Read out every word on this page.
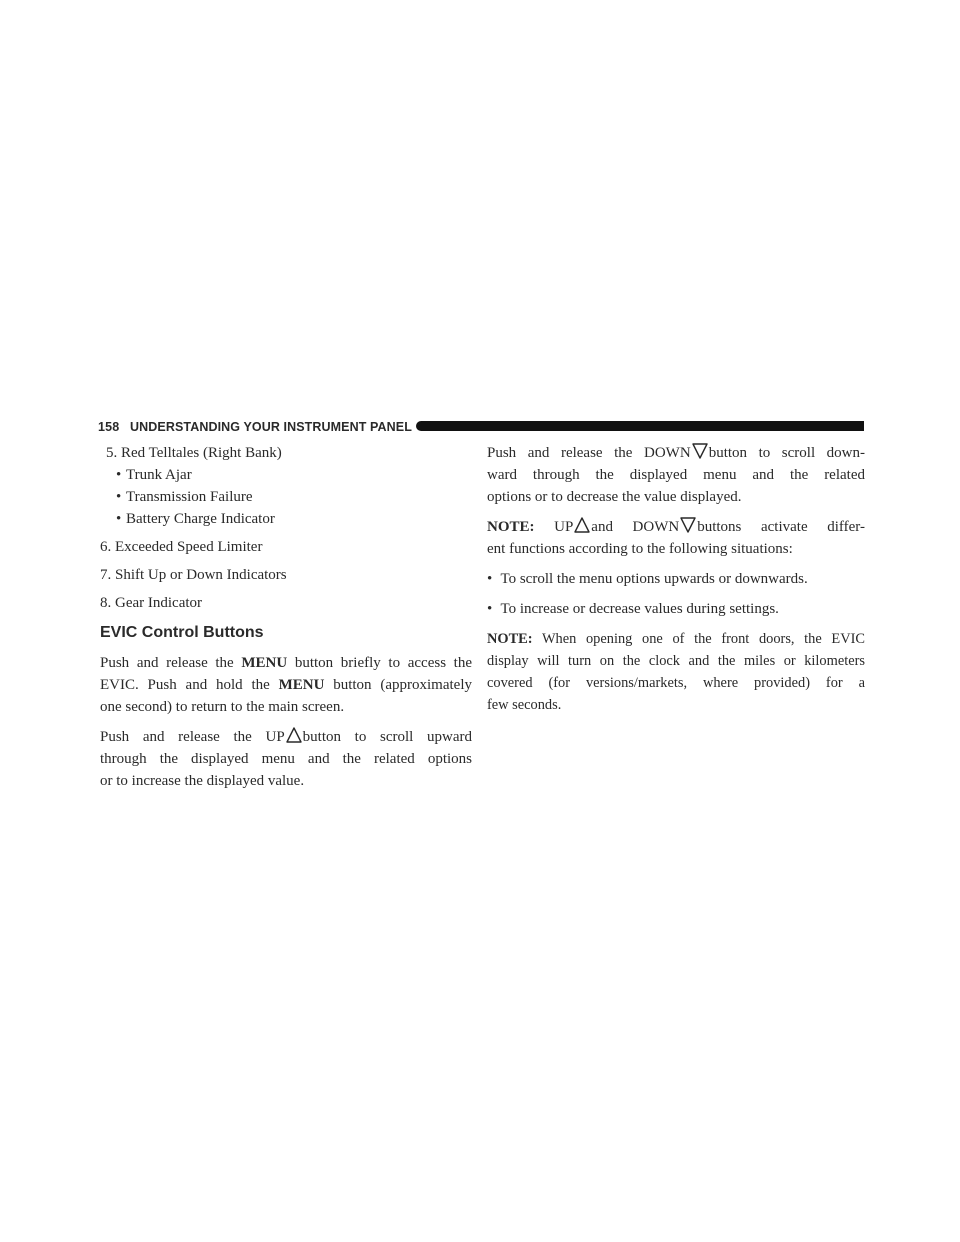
158 UNDERSTANDING YOUR INSTRUMENT PANEL
5. Red Telltales (Right Bank)
• Trunk Ajar
• Transmission Failure
• Battery Charge Indicator
6. Exceeded Speed Limiter
7. Shift Up or Down Indicators
8. Gear Indicator

EVIC Control Buttons

Push and release the MENU button briefly to access the
EVIC. Push and hold the MENU button (approximately
one second) to return to the main screen.
Push and release the UP button to scroll upward
through the displayed menu and the related options
or to increase the displayed value.
Push and release the DOWN button to scroll down-
ward through the displayed menu and the related
options or to decrease the value displayed.
NOTE: UP and DOWN buttons activate differ-
ent functions according to the following situations:
• To scroll the menu options upwards or downwards.
• To increase or decrease values during settings.
NOTE: When opening one of the front doors, the EVIC
display will turn on the clock and the miles or kilometers
covered (for versions/markets, where provided) for a
few seconds.
